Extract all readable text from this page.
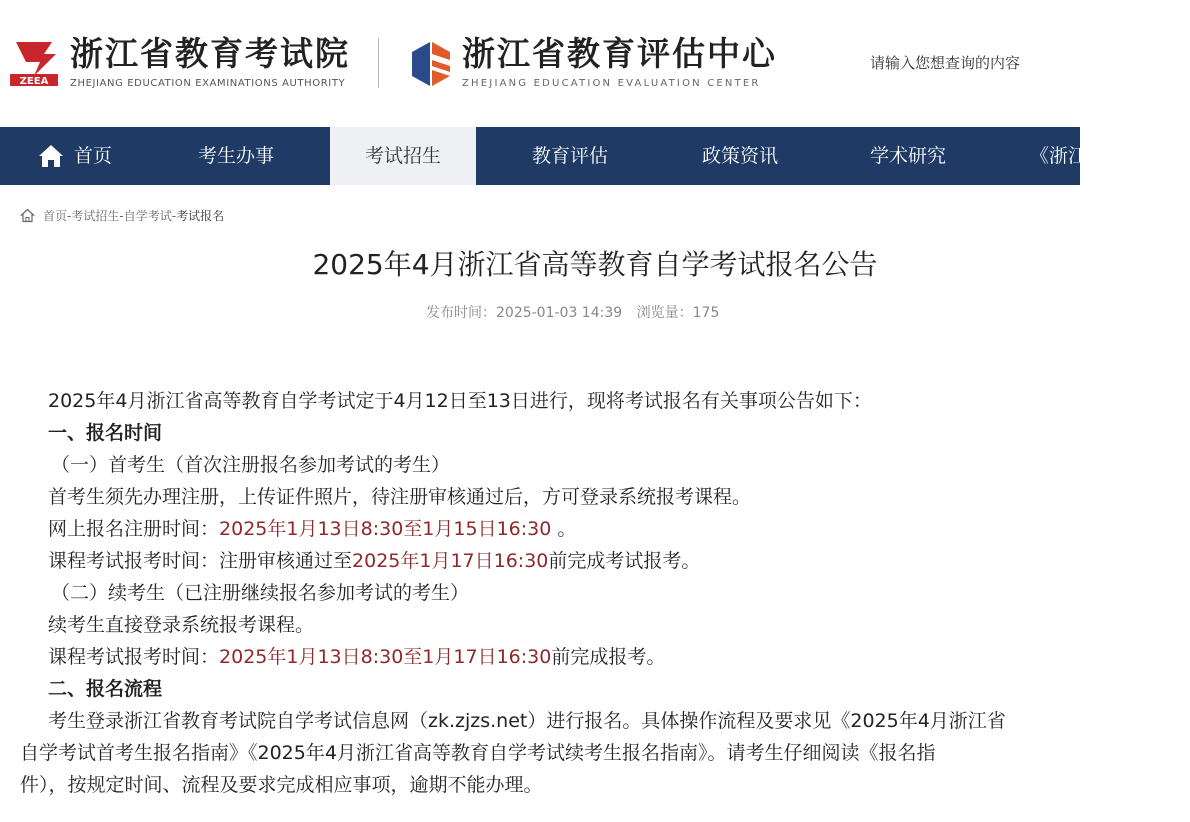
ZEEA
浙江省教育考试院
ZHEJIANG EDUCATION EXAMINATIONS AUTHORITY
浙江省教育评估中心
ZHEJIANG EDUCATION EVALUATION CENTER
请输入您想查询的内容
首页	考生办事	考试招生	教育评估	政策资讯	学术研究	《浙江
首页 - 考试招生 - 自学考试 - 考试报名
2025年4月浙江省高等教育自学考试报名公告
发布时间：2025-01-03 14:39 浏览量：175
2025年4月浙江省高等教育自学考试定于4月12日至13日进行，现将考试报名有关事项公告如下：
一、报名时间
（一）首考生（首次注册报名参加考试的考生）
首考生须先办理注册，上传证件照片，待注册审核通过后，方可登录系统报考课程。
网上报名注册时间：2025年1月13日8:30至1月15日16:30 。
课程考试报考时间：注册审核通过至2025年1月17日16:30前完成考试报考。
（二）续考生（已注册继续报名参加考试的考生）
续考生直接登录系统报考课程。
课程考试报考时间：2025年1月13日8:30至1月17日16:30前完成报考。
二、报名流程
考生登录浙江省教育考试院自学考试信息网（zk.zjzs.net）进行报名。具体操作流程及要求见《2025年4月浙江省
自学考试首考生报名指南》《2025年4月浙江省高等教育自学考试续考生报名指南》。请考生仔细阅读《报名指
件），按规定时间、流程及要求完成相应事项，逾期不能办理。
